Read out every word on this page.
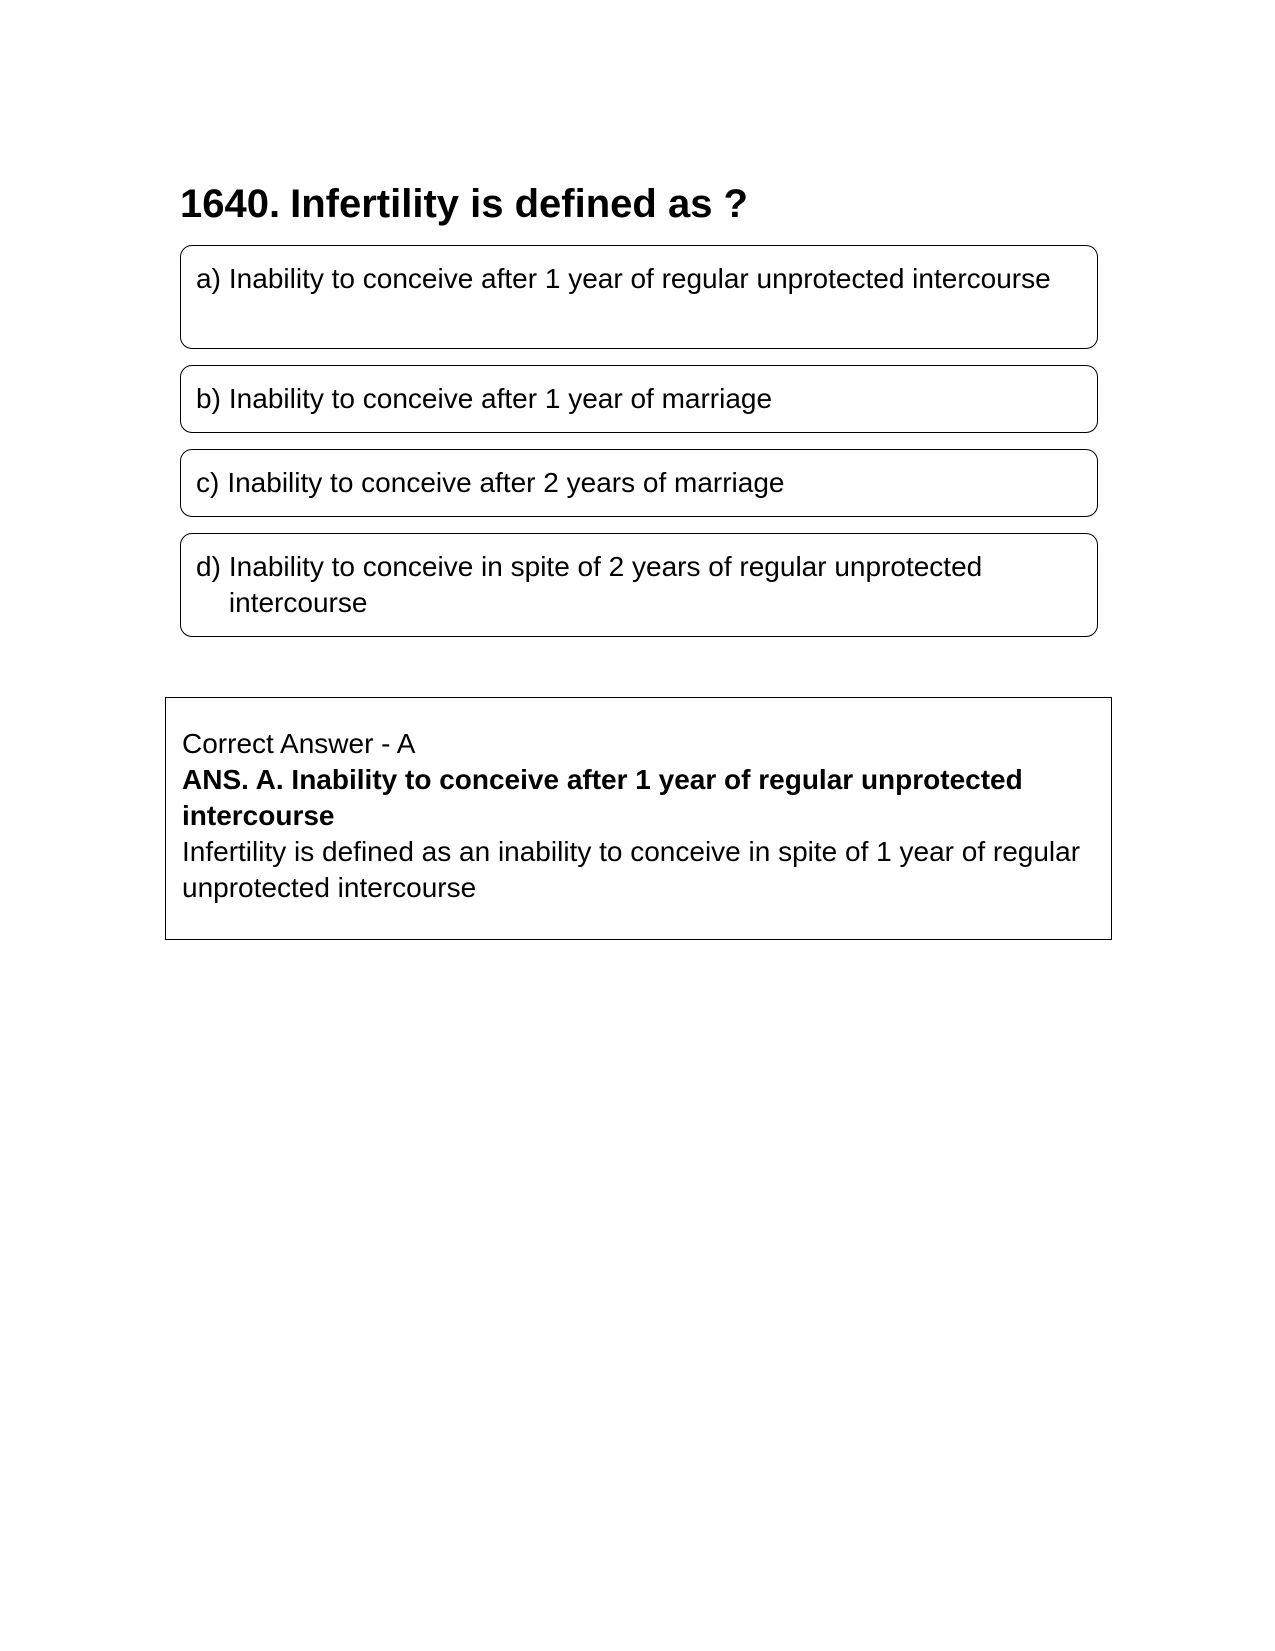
1640. Infertility is defined as ?
a) Inability to conceive after 1 year of regular unprotected intercourse
b) Inability to conceive after 1 year of marriage
c) Inability to conceive after 2 years of marriage
d) Inability to conceive in spite of 2 years of regular unprotected intercourse

Correct Answer - A

ANS. A. Inability to conceive after 1 year of regular unprotected intercourse

Infertility is defined as an inability to conceive in spite of 1 year of regular unprotected intercourse
